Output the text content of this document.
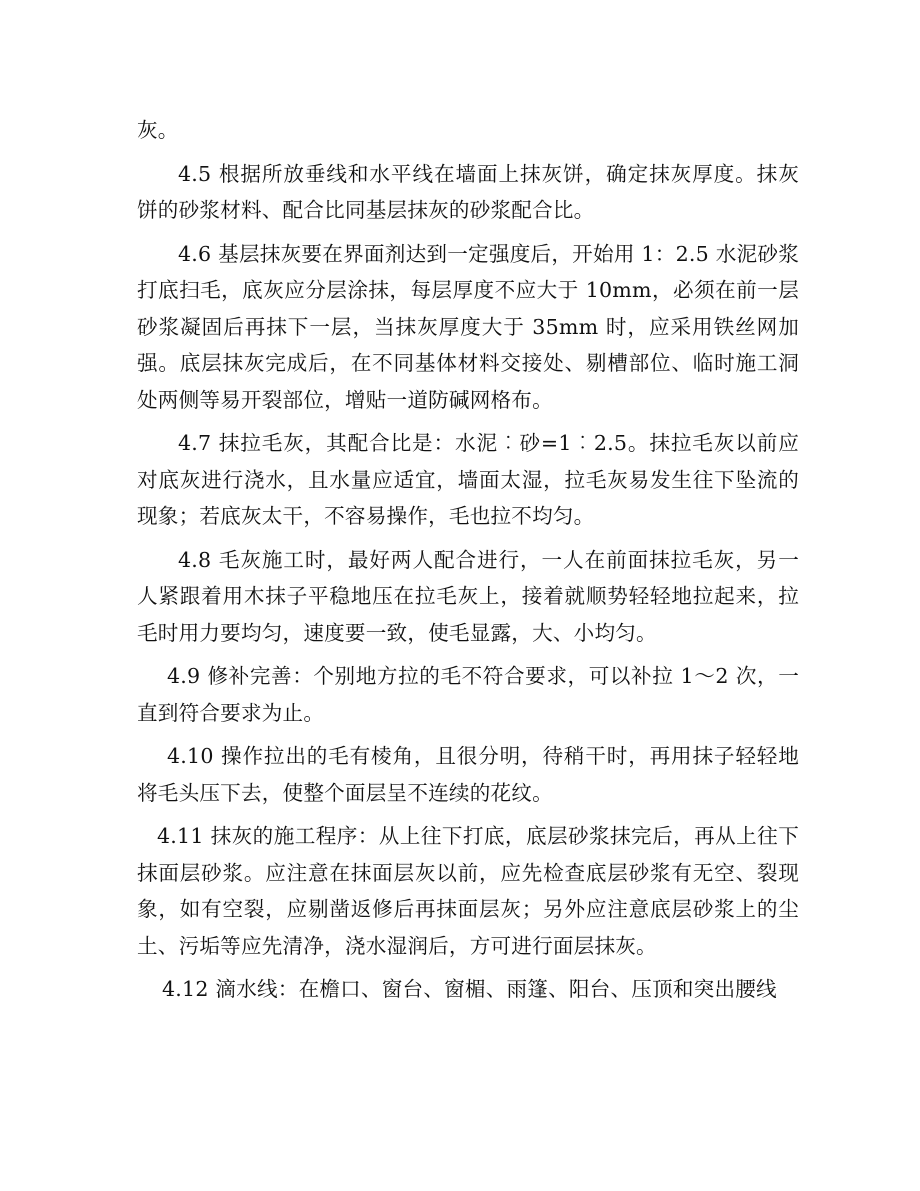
灰。

4.5 根据所放垂线和水平线在墙面上抹灰饼，确定抹灰厚度。抹灰饼的砂浆材料、配合比同基层抹灰的砂浆配合比。

4.6 基层抹灰要在界面剂达到一定强度后，开始用 1：2.5 水泥砂浆打底扫毛，底灰应分层涂抹，每层厚度不应大于 10mm，必须在前一层砂浆凝固后再抹下一层，当抹灰厚度大于 35mm 时，应采用铁丝网加强。底层抹灰完成后，在不同基体材料交接处、剔槽部位、临时施工洞处两侧等易开裂部位，增贴一道防碱网格布。

4.7 抹拉毛灰，其配合比是：水泥︰砂=1︰2.5。抹拉毛灰以前应对底灰进行浇水，且水量应适宜，墙面太湿，拉毛灰易发生往下坠流的现象；若底灰太干，不容易操作，毛也拉不均匀。

4.8 毛灰施工时，最好两人配合进行，一人在前面抹拉毛灰，另一人紧跟着用木抹子平稳地压在拉毛灰上，接着就顺势轻轻地拉起来，拉毛时用力要均匀，速度要一致，使毛显露，大、小均匀。

4.9 修补完善：个别地方拉的毛不符合要求，可以补拉 1～2 次，一直到符合要求为止。

4.10 操作拉出的毛有棱角，且很分明，待稍干时，再用抹子轻轻地将毛头压下去，使整个面层呈不连续的花纹。

4.11 抹灰的施工程序：从上往下打底，底层砂浆抹完后，再从上往下抹面层砂浆。应注意在抹面层灰以前，应先检查底层砂浆有无空、裂现象，如有空裂，应剔凿返修后再抹面层灰；另外应注意底层砂浆上的尘土、污垢等应先清净，浇水湿润后，方可进行面层抹灰。

4.12 滴水线：在檐口、窗台、窗楣、雨篷、阳台、压顶和突出腰线
